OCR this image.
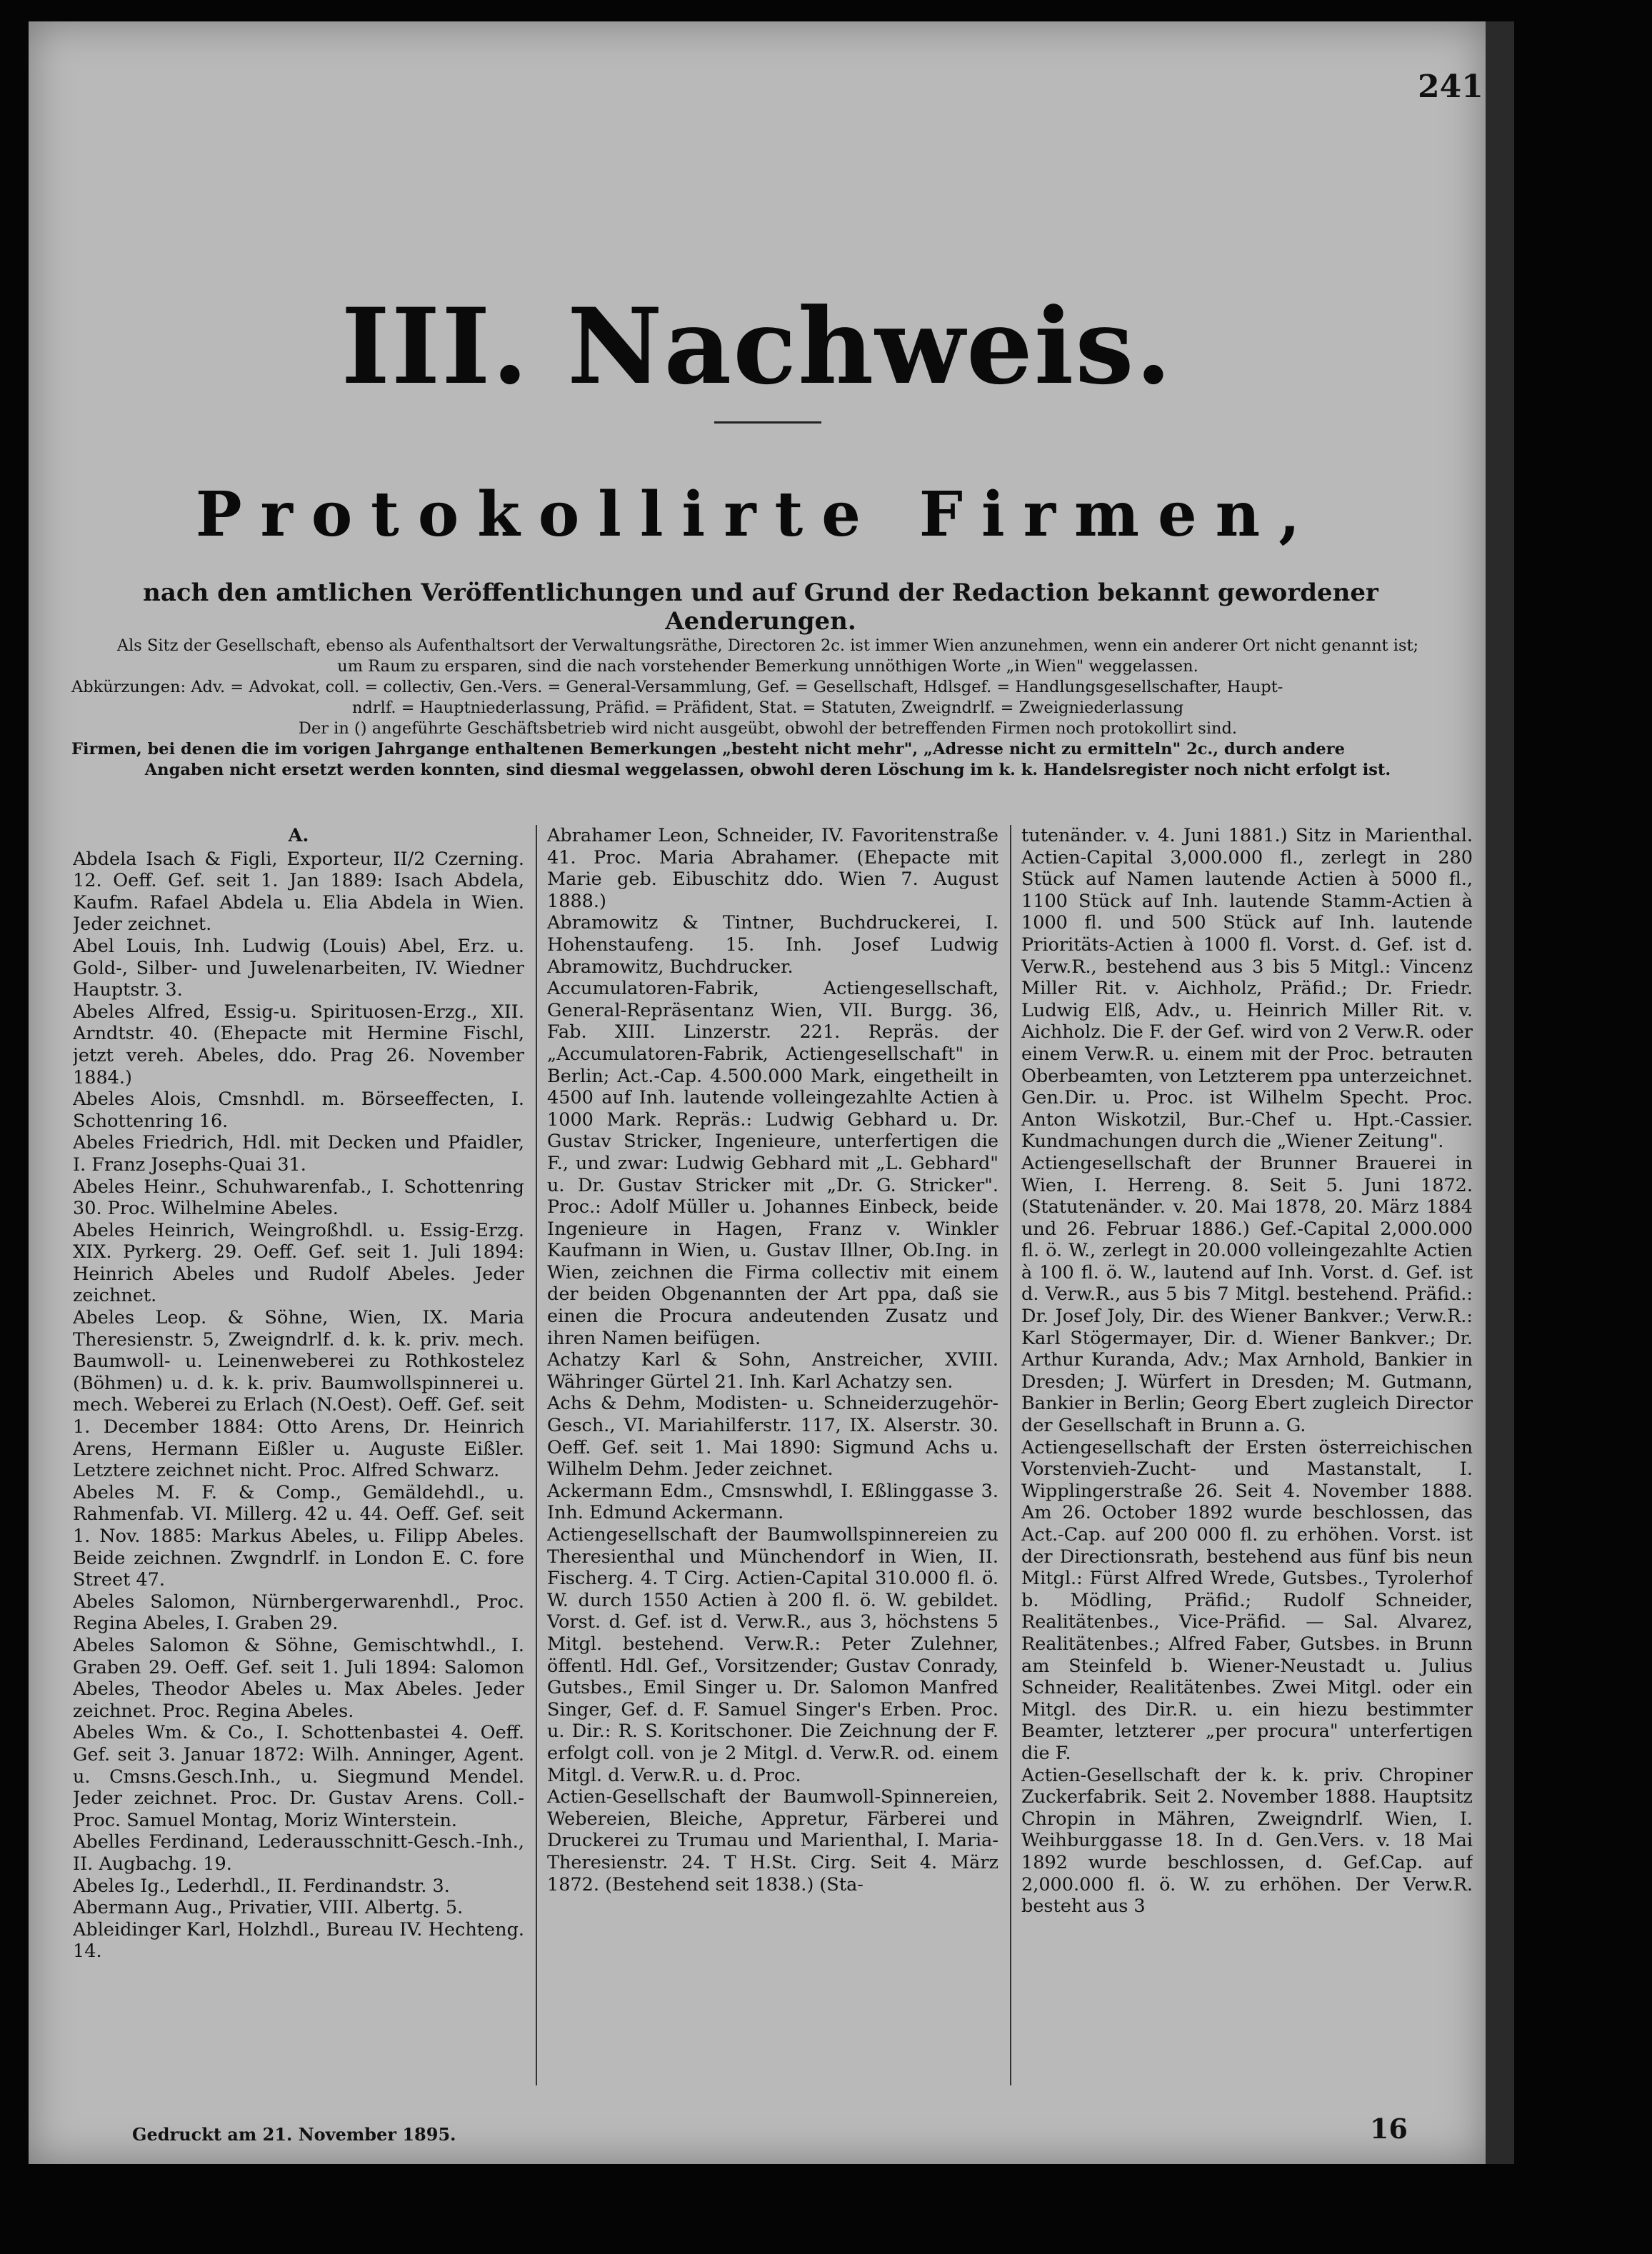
241
III. Nachweis.
Protokollirte Firmen,
nach den amtlichen Veröffentlichungen und auf Grund der Redaction bekannt gewordener Aenderungen.

Als Sitz der Gesellschaft, ebenso als Aufenthaltsort der Verwaltungsräthe, Directoren 2c. ist immer Wien anzunehmen, wenn ein anderer Ort nicht genannt ist;

um Raum zu ersparen, sind die nach vorstehender Bemerkung unnöthigen Worte „in Wien" weggelassen.

Abkürzungen: Adv. = Advokat, coll. = collectiv, Gen.-Vers. = General-Versammlung, Gef. = Gesellschaft, Hdlsgef. = Handlungsgesellschafter, Haupt-

ndrlf. = Hauptniederlassung, Präfid. = Präfident, Stat. = Statuten, Zweigndrlf. = Zweigniederlassung

Der in () angeführte Geschäftsbetrieb wird nicht ausgeübt, obwohl der betreffenden Firmen noch protokollirt sind.

Firmen, bei denen die im vorigen Jahrgange enthaltenen Bemerkungen „besteht nicht mehr", „Adresse nicht zu ermitteln" 2c., durch andere

Angaben nicht ersetzt werden konnten, sind diesmal weggelassen, obwohl deren Löschung im k. k. Handelsregister noch nicht erfolgt ist.

A.

Abdela Isach & Figli, Exporteur, II/2 Czerning. 12. Oeff. Gef. seit 1. Jan 1889: Isach Abdela, Kaufm. Rafael Abdela u. Elia Abdela in Wien. Jeder zeichnet.

Abel Louis, Inh. Ludwig (Louis) Abel, Erz. u. Gold-, Silber- und Juwelenarbeiten, IV. Wiedner Hauptstr. 3.

Abeles Alfred, Essig-u. Spirituosen-Erzg., XII. Arndtstr. 40. (Ehepacte mit Hermine Fischl, jetzt vereh. Abeles, ddo. Prag 26. November 1884.)

Abeles Alois, Cmsnhdl. m. Börseeffecten, I. Schottenring 16.

Abeles Friedrich, Hdl. mit Decken und Pfaidler, I. Franz Josephs-Quai 31.

Abeles Heinr., Schuhwarenfab., I. Schottenring 30. Proc. Wilhelmine Abeles.

Abeles Heinrich, Weingroßhdl. u. Essig-Erzg. XIX. Pyrkerg. 29. Oeff. Gef. seit 1. Juli 1894: Heinrich Abeles und Rudolf Abeles. Jeder zeichnet.

Abeles Leop. & Söhne, Wien, IX. Maria Theresienstr. 5, Zweigndrlf. d. k. k. priv. mech. Baumwoll- u. Leinenweberei zu Rothkostelez (Böhmen) u. d. k. k. priv. Baumwollspinnerei u. mech. Weberei zu Erlach (N.Oest). Oeff. Gef. seit 1. December 1884: Otto Arens, Dr. Heinrich Arens, Hermann Eißler u. Auguste Eißler. Letztere zeichnet nicht. Proc. Alfred Schwarz.

Abeles M. F. & Comp., Gemäldehdl., u. Rahmenfab. VI. Millerg. 42 u. 44. Oeff. Gef. seit 1. Nov. 1885: Markus Abeles, u. Filipp Abeles. Beide zeichnen. Zwgndrlf. in London E. C. fore Street 47.

Abeles Salomon, Nürnbergerwarenhdl., Proc. Regina Abeles, I. Graben 29.

Abeles Salomon & Söhne, Gemischtwhdl., I. Graben 29. Oeff. Gef. seit 1. Juli 1894: Salomon Abeles, Theodor Abeles u. Max Abeles. Jeder zeichnet. Proc. Regina Abeles.

Abeles Wm. & Co., I. Schottenbastei 4. Oeff. Gef. seit 3. Januar 1872: Wilh. Anninger, Agent. u. Cmsns.Gesch.Inh., u. Siegmund Mendel. Jeder zeichnet. Proc. Dr. Gustav Arens. Coll.-Proc. Samuel Montag, Moriz Winterstein.

Abelles Ferdinand, Lederausschnitt-Gesch.-Inh., II. Augbachg. 19.

Abeles Ig., Lederhdl., II. Ferdinandstr. 3.

Abermann Aug., Privatier, VIII. Albertg. 5.

Ableidinger Karl, Holzhdl., Bureau IV. Hechteng. 14.

Abrahamer Leon, Schneider, IV. Favoritenstraße 41. Proc. Maria Abrahamer. (Ehepacte mit Marie geb. Eibuschitz ddo. Wien 7. August 1888.)

Abramowitz & Tintner, Buchdruckerei, I. Hohenstaufeng. 15. Inh. Josef Ludwig Abramowitz, Buchdrucker.

Accumulatoren-Fabrik, Actiengesellschaft, General-Repräsentanz Wien, VII. Burgg. 36, Fab. XIII. Linzerstr. 221. Repräs. der „Accumulatoren-Fabrik, Actiengesellschaft" in Berlin; Act.-Cap. 4.500.000 Mark, eingetheilt in 4500 auf Inh. lautende volleingezahlte Actien à 1000 Mark. Repräs.: Ludwig Gebhard u. Dr. Gustav Stricker, Ingenieure, unterfertigen die F., und zwar: Ludwig Gebhard mit „L. Gebhard" u. Dr. Gustav Stricker mit „Dr. G. Stricker". Proc.: Adolf Müller u. Johannes Einbeck, beide Ingenieure in Hagen, Franz v. Winkler Kaufmann in Wien, u. Gustav Illner, Ob.Ing. in Wien, zeichnen die Firma collectiv mit einem der beiden Obgenannten der Art ppa, daß sie einen die Procura andeutenden Zusatz und ihren Namen beifügen.

Achatzy Karl & Sohn, Anstreicher, XVIII. Währinger Gürtel 21. Inh. Karl Achatzy sen.

Achs & Dehm, Modisten- u. Schneiderzugehör-Gesch., VI. Mariahilferstr. 117, IX. Alserstr. 30. Oeff. Gef. seit 1. Mai 1890: Sigmund Achs u. Wilhelm Dehm. Jeder zeichnet.

Ackermann Edm., Cmsnswhdl, I. Eßlinggasse 3. Inh. Edmund Ackermann.

Actiengesellschaft der Baumwollspinnereien zu Theresienthal und Münchendorf in Wien, II. Fischerg. 4. T Cirg. Actien-Capital 310.000 fl. ö. W. durch 1550 Actien à 200 fl. ö. W. gebildet. Vorst. d. Gef. ist d. Verw.R., aus 3, höchstens 5 Mitgl. bestehend. Verw.R.: Peter Zulehner, öffentl. Hdl. Gef., Vorsitzender; Gustav Conrady, Gutsbes., Emil Singer u. Dr. Salomon Manfred Singer, Gef. d. F. Samuel Singer's Erben. Proc. u. Dir.: R. S. Koritschoner. Die Zeichnung der F. erfolgt coll. von je 2 Mitgl. d. Verw.R. od. einem Mitgl. d. Verw.R. u. d. Proc.

Actien-Gesellschaft der Baumwoll-Spinnereien, Webereien, Bleiche, Appretur, Färberei und Druckerei zu Trumau und Marienthal, I. Maria-Theresienstr. 24. T H.St. Cirg. Seit 4. März 1872. (Bestehend seit 1838.) (Sta-

tutenänder. v. 4. Juni 1881.) Sitz in Marienthal. Actien-Capital 3,000.000 fl., zerlegt in 280 Stück auf Namen lautende Actien à 5000 fl., 1100 Stück auf Inh. lautende Stamm-Actien à 1000 fl. und 500 Stück auf Inh. lautende Prioritäts-Actien à 1000 fl. Vorst. d. Gef. ist d. Verw.R., bestehend aus 3 bis 5 Mitgl.: Vincenz Miller Rit. v. Aichholz, Präfid.; Dr. Friedr. Ludwig Elß, Adv., u. Heinrich Miller Rit. v. Aichholz. Die F. der Gef. wird von 2 Verw.R. oder einem Verw.R. u. einem mit der Proc. betrauten Oberbeamten, von Letzterem ppa unterzeichnet. Gen.Dir. u. Proc. ist Wilhelm Specht. Proc. Anton Wiskotzil, Bur.-Chef u. Hpt.-Cassier. Kundmachungen durch die „Wiener Zeitung".

Actiengesellschaft der Brunner Brauerei in Wien, I. Herreng. 8. Seit 5. Juni 1872. (Statutenänder. v. 20. Mai 1878, 20. März 1884 und 26. Februar 1886.) Gef.-Capital 2,000.000 fl. ö. W., zerlegt in 20.000 volleingezahlte Actien à 100 fl. ö. W., lautend auf Inh. Vorst. d. Gef. ist d. Verw.R., aus 5 bis 7 Mitgl. bestehend. Präfid.: Dr. Josef Joly, Dir. des Wiener Bankver.; Verw.R.: Karl Stögermayer, Dir. d. Wiener Bankver.; Dr. Arthur Kuranda, Adv.; Max Arnhold, Bankier in Dresden; J. Würfert in Dresden; M. Gutmann, Bankier in Berlin; Georg Ebert zugleich Director der Gesellschaft in Brunn a. G.

Actiengesellschaft der Ersten österreichischen Vorstenvieh-Zucht- und Mastanstalt, I. Wipplingerstraße 26. Seit 4. November 1888. Am 26. October 1892 wurde beschlossen, das Act.-Cap. auf 200 000 fl. zu erhöhen. Vorst. ist der Directionsrath, bestehend aus fünf bis neun Mitgl.: Fürst Alfred Wrede, Gutsbes., Tyrolerhof b. Mödling, Präfid.; Rudolf Schneider, Realitätenbes., Vice-Präfid. — Sal. Alvarez, Realitätenbes.; Alfred Faber, Gutsbes. in Brunn am Steinfeld b. Wiener-Neustadt u. Julius Schneider, Realitätenbes. Zwei Mitgl. oder ein Mitgl. des Dir.R. u. ein hiezu bestimmter Beamter, letzterer „per procura" unterfertigen die F.

Actien-Gesellschaft der k. k. priv. Chropiner Zuckerfabrik. Seit 2. November 1888. Hauptsitz Chropin in Mähren, Zweigndrlf. Wien, I. Weihburggasse 18. In d. Gen.Vers. v. 18 Mai 1892 wurde beschlossen, d. Gef.Cap. auf 2,000.000 fl. ö. W. zu erhöhen. Der Verw.R. besteht aus 3

Gedruckt am 21. November 1895.	16
